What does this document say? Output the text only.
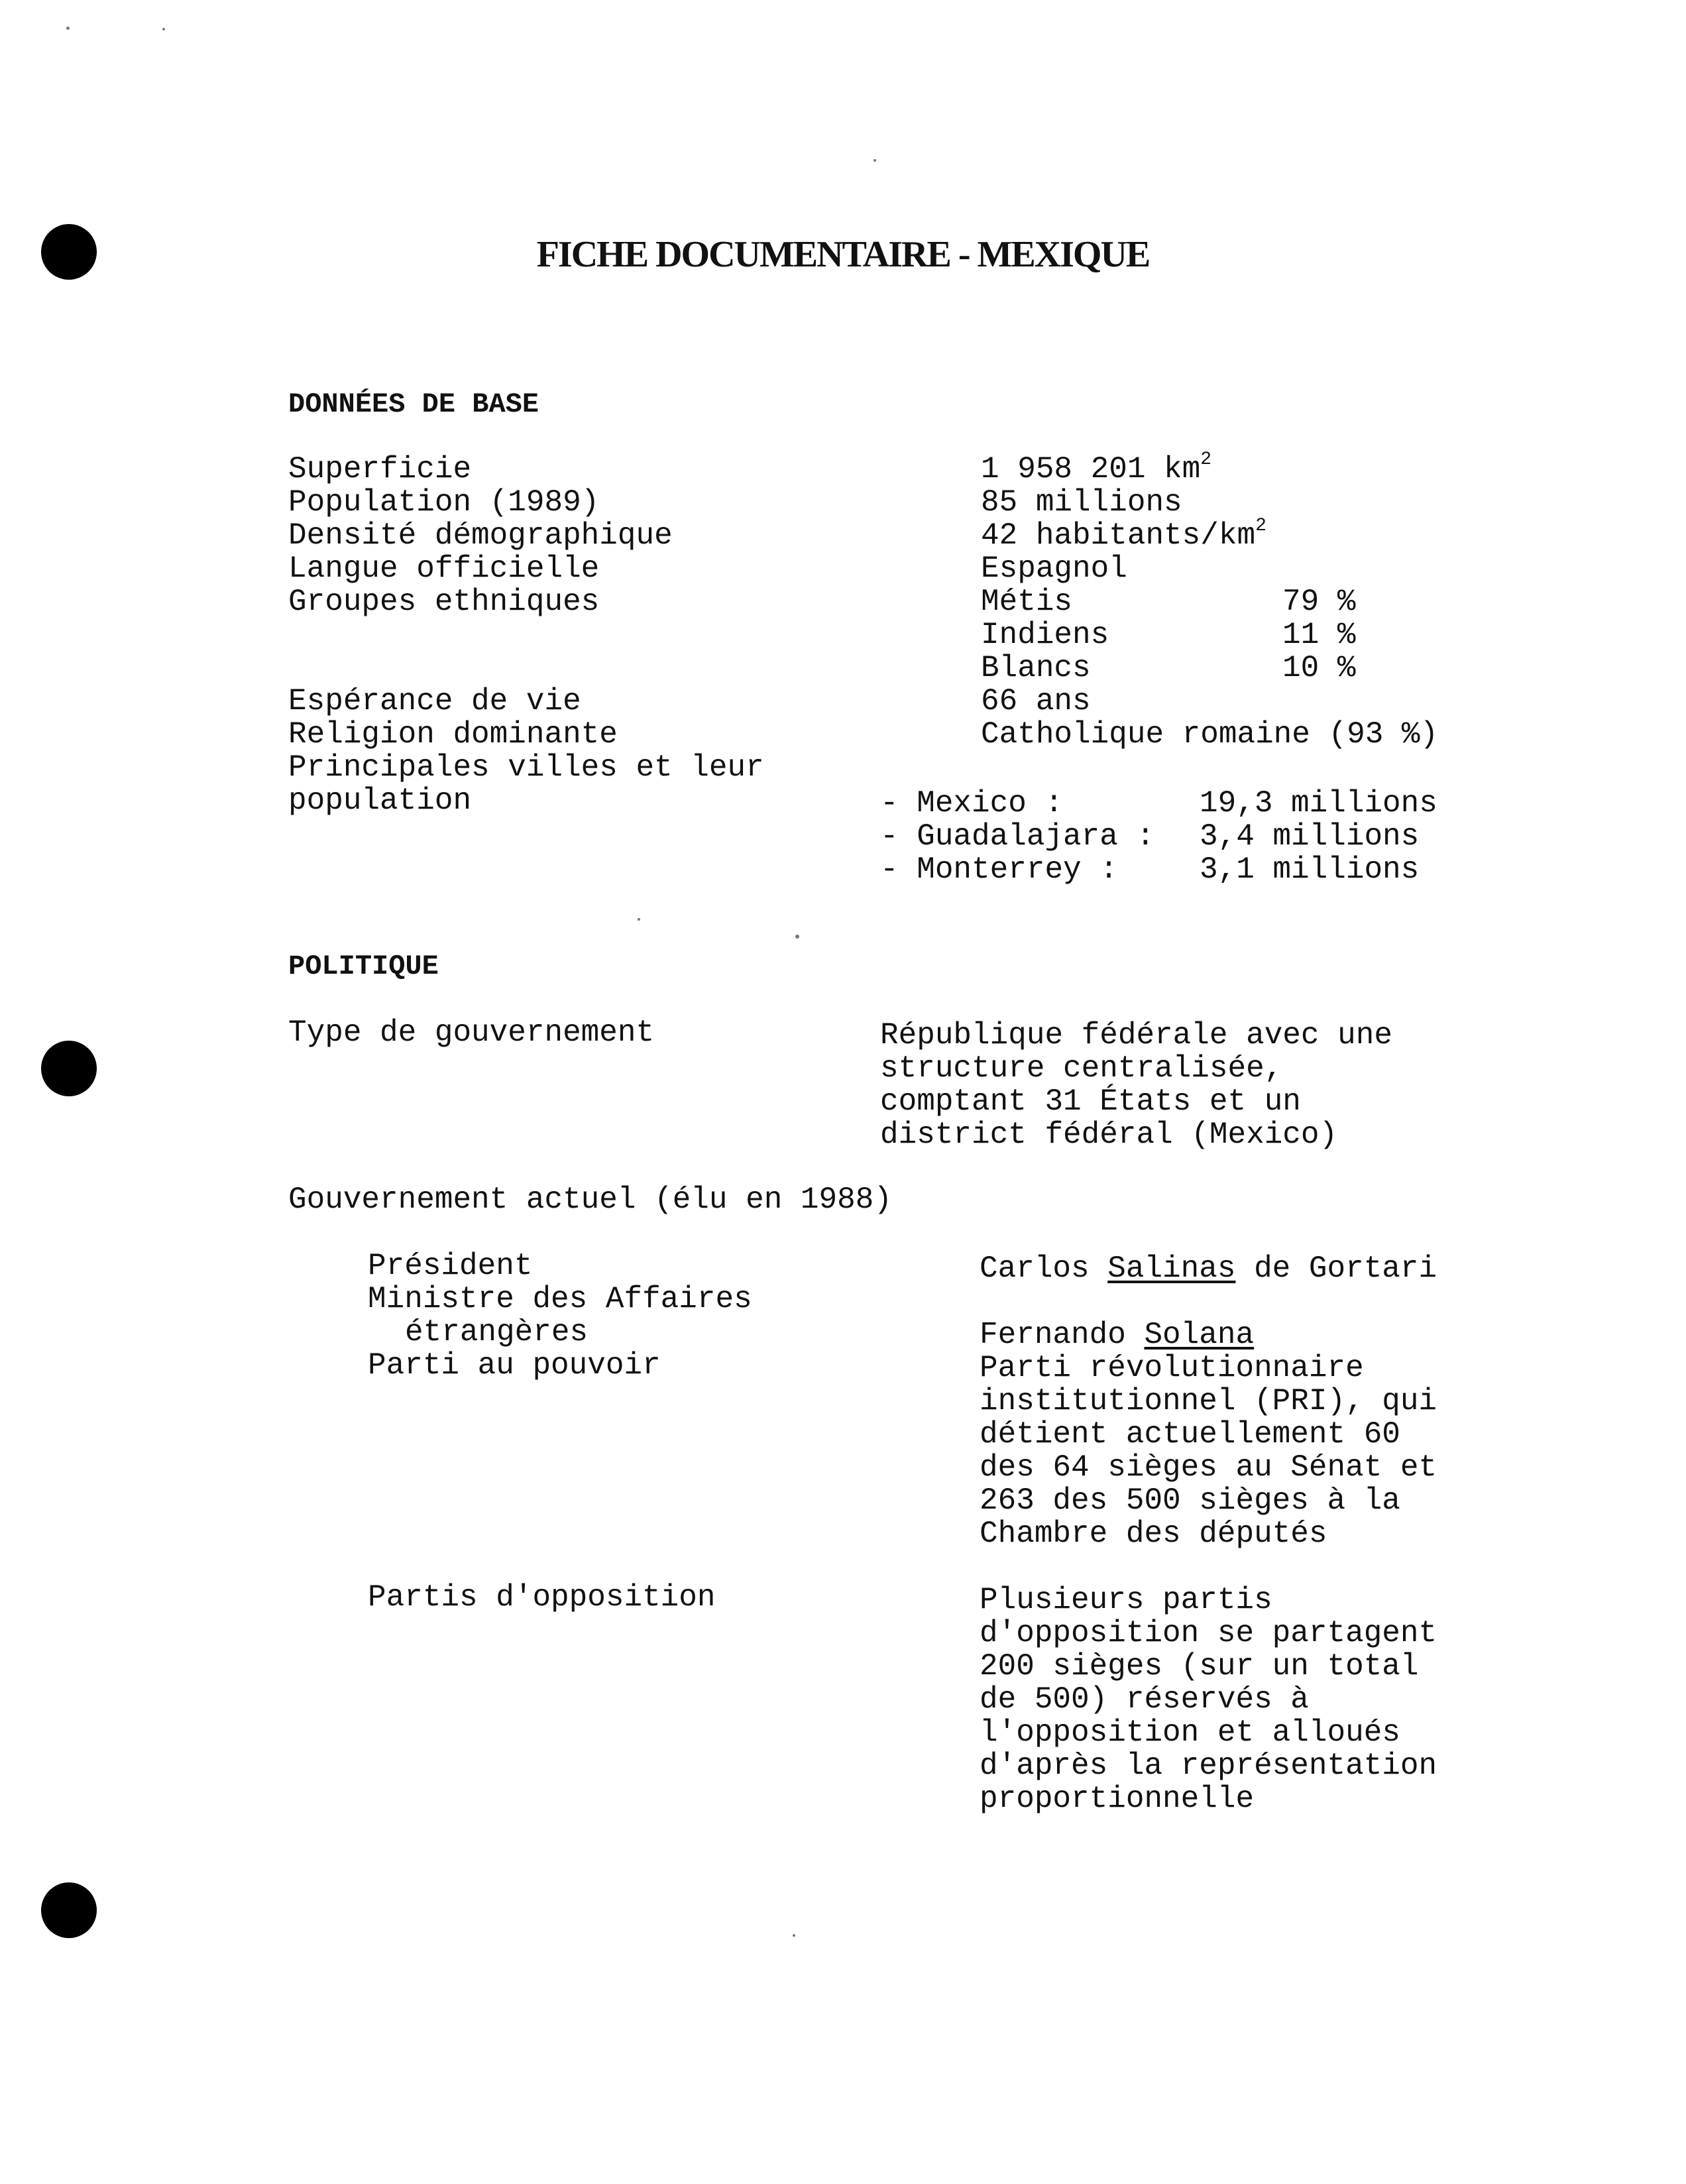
FICHE DOCUMENTAIRE - MEXIQUE
DONNÉES DE BASE
Superficie	1 958 201 $km^2$
Population (1989)	85 millions
Densité démographique	42 habitants/$km^2$
Langue officielle	Espagnol
Groupes ethniques	Métis	79 %
Indiens	11 %
Blancs	10 %
Espérance de vie	66 ans
Religion dominante	Catholique romaine (93 %)
Principales villes et leur
population	- Mexico :	19,3 millions
- Guadalajara : 3,4 millions
- Monterrey :	3,1 millions
POLITIQUE
Type de gouvernement	République fédérale avec une
structure centralisée,
comptant 31 États et un
district fédéral (Mexico)
Gouvernement actuel (élu en 1988)
Président	Carlos Salinas de Gortari
Ministre des Affaires
étrangères	Fernando Solana
Parti au pouvoir	Parti révolutionnaire
institutionnel (PRI), qui
détient actuellement 60
des 64 sièges au Sénat et
263 des 500 sièges à la
Chambre des députés
Partis d'opposition	Plusieurs partis
d'opposition se partagent
200 sièges (sur un total
de 500) réservés à
l'opposition et alloués
d'après la représentation
proportionnelle
